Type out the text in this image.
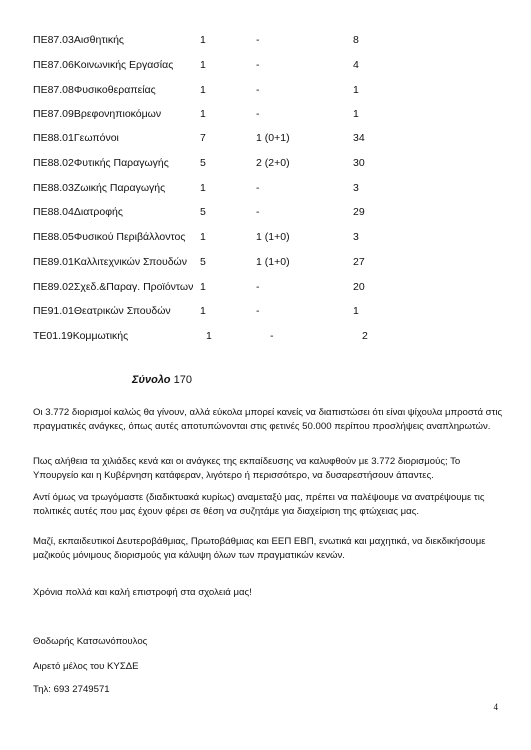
ΠΕ87.03Αισθητικής	1	-	8
ΠΕ87.06Κοινωνικής Εργασίας	1	-	4
ΠΕ87.08Φυσικοθεραπείας	1	-	1
ΠΕ87.09Βρεφονηπιοκόμων	1	-	1
ΠΕ88.01Γεωπόνοι	7	1 (0+1)	34
ΠΕ88.02Φυτικής Παραγωγής	5	2 (2+0)	30
ΠΕ88.03Ζωικής Παραγωγής	1	-	3
ΠΕ88.04Διατροφής	5	-	29
ΠΕ88.05Φυσικού Περιβάλλοντος 1	1 (1+0)	3
ΠΕ89.01Καλλιτεχνικών Σπουδών 5	1 (1+0)	27
ΠΕ89.02Σχεδ.&Παραγ. Προϊόντων 1	-	20
ΠΕ91.01Θεατρικών Σπουδών	1	-	1
ΤΕ01.19Κομμωτικής	1	-	2
Σύνολο 170
Οι 3.772 διορισμοί καλώς θα γίνουν, αλλά εύκολα μπορεί κανείς να διαπιστώσει ότι είναι ψίχουλα μπροστά στις πραγματικές ανάγκες, όπως αυτές αποτυπώνονται στις φετινές 50.000 περίπου προσλήψεις αναπληρωτών.
Πως αλήθεια τα χιλιάδες κενά και οι ανάγκες της εκπαίδευσης να καλυφθούν με 3.772 διορισμούς; Το Υπουργείο και η Κυβέρνηση κατάφεραν, λιγότερο ή περισσότερο, να δυσαρεστήσουν άπαντες.
Αντί όμως να τρωγόμαστε (διαδικτυακά κυρίως) αναμεταξύ μας, πρέπει να παλέψουμε να ανατρέψουμε τις πολιτικές αυτές που μας έχουν φέρει σε θέση να συζητάμε για διαχείριση της φτώχειας μας.
Μαζί, εκπαιδευτικοί Δευτεροβάθμιας, Πρωτοβάθμιας και ΕΕΠ ΕΒΠ, ενωτικά και μαχητικά, να διεκδικήσουμε μαζικούς μόνιμους διορισμούς για κάλυψη όλων των πραγματικών κενών.
Χρόνια πολλά και καλή επιστροφή στα σχολειά μας!
Θοδωρής Κατσωνόπουλος
Αιρετό μέλος του ΚΥΣΔΕ
Τηλ: 693 2749571
4
